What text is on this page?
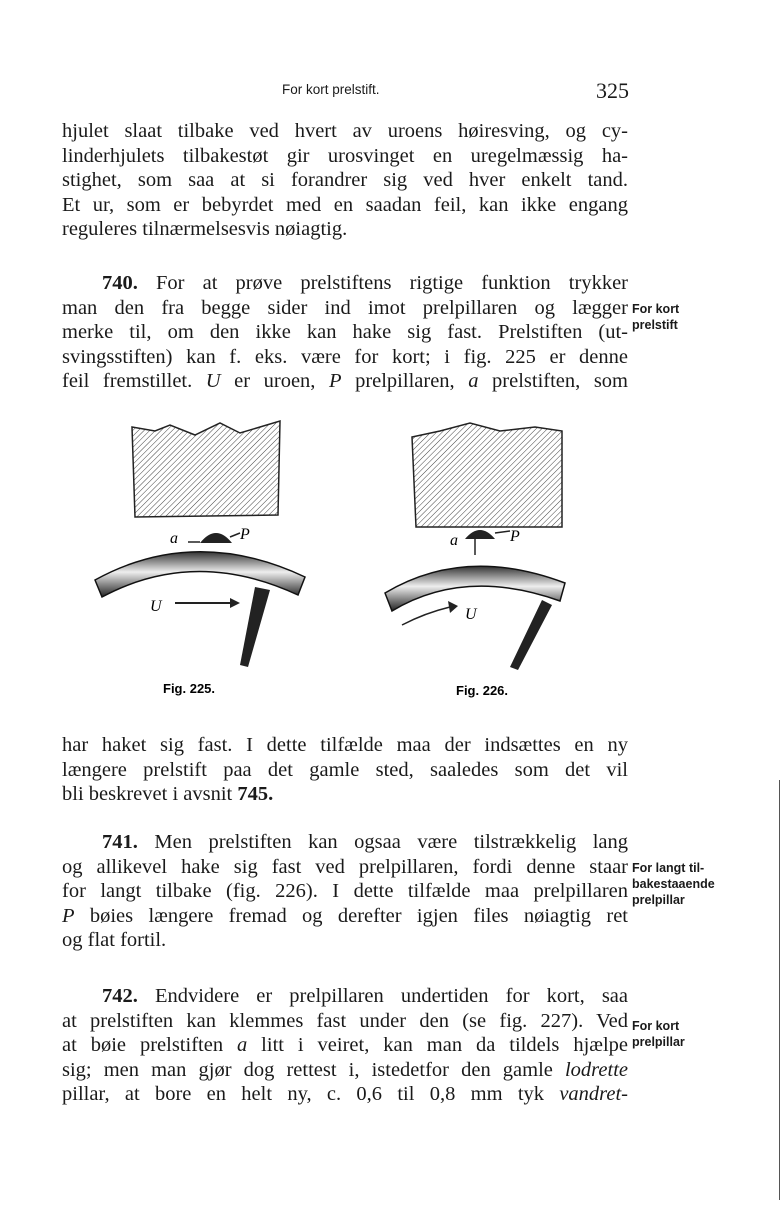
For kort prelstift.	325
hjulet slaat tilbake ved hvert av uroens høiresving, og cy-
linderhjulets tilbakestøt gir urosvinget en uregelmæssig ha-
stighet, som saa at si forandrer sig ved hver enkelt tand.
Et ur, som er bebyrdet med en saadan feil, kan ikke engang
reguleres tilnærmelsesvis nøiagtig.
740. For at prøve prelstiftens rigtige funktion trykker
man den fra begge sider ind imot prelpillaren og lægger
merke til, om den ikke kan hake sig fast. Prelstiften (ut-
svingsstiften) kan f. eks. være for kort; i fig. 225 er denne
feil fremstillet. U er uroen, P prelpillaren, a prelstiften, som
For kort
prelstift
a	P
U
Fig. 225.
a	P
U
Fig. 226.
har haket sig fast. I dette tilfælde maa der indsættes en ny
længere prelstift paa det gamle sted, saaledes som det vil
bli beskrevet i avsnit 745.
741. Men prelstiften kan ogsaa være tilstrækkelig lang
og allikevel hake sig fast ved prelpillaren, fordi denne staar
for langt tilbake (fig. 226). I dette tilfælde maa prelpillaren
P bøies længere fremad og derefter igjen files nøiagtig ret
og flat fortil.
For langt til-
bakestaaende
prelpillar
742. Endvidere er prelpillaren undertiden for kort, saa
at prelstiften kan klemmes fast under den (se fig. 227). Ved
at bøie prelstiften a litt i veiret, kan man da tildels hjælpe
sig; men man gjør dog rettest i, istedetfor den gamle lodrette
pillar, at bore en helt ny, c. 0,6 til 0,8 mm tyk vandret-
For kort
prelpillar
